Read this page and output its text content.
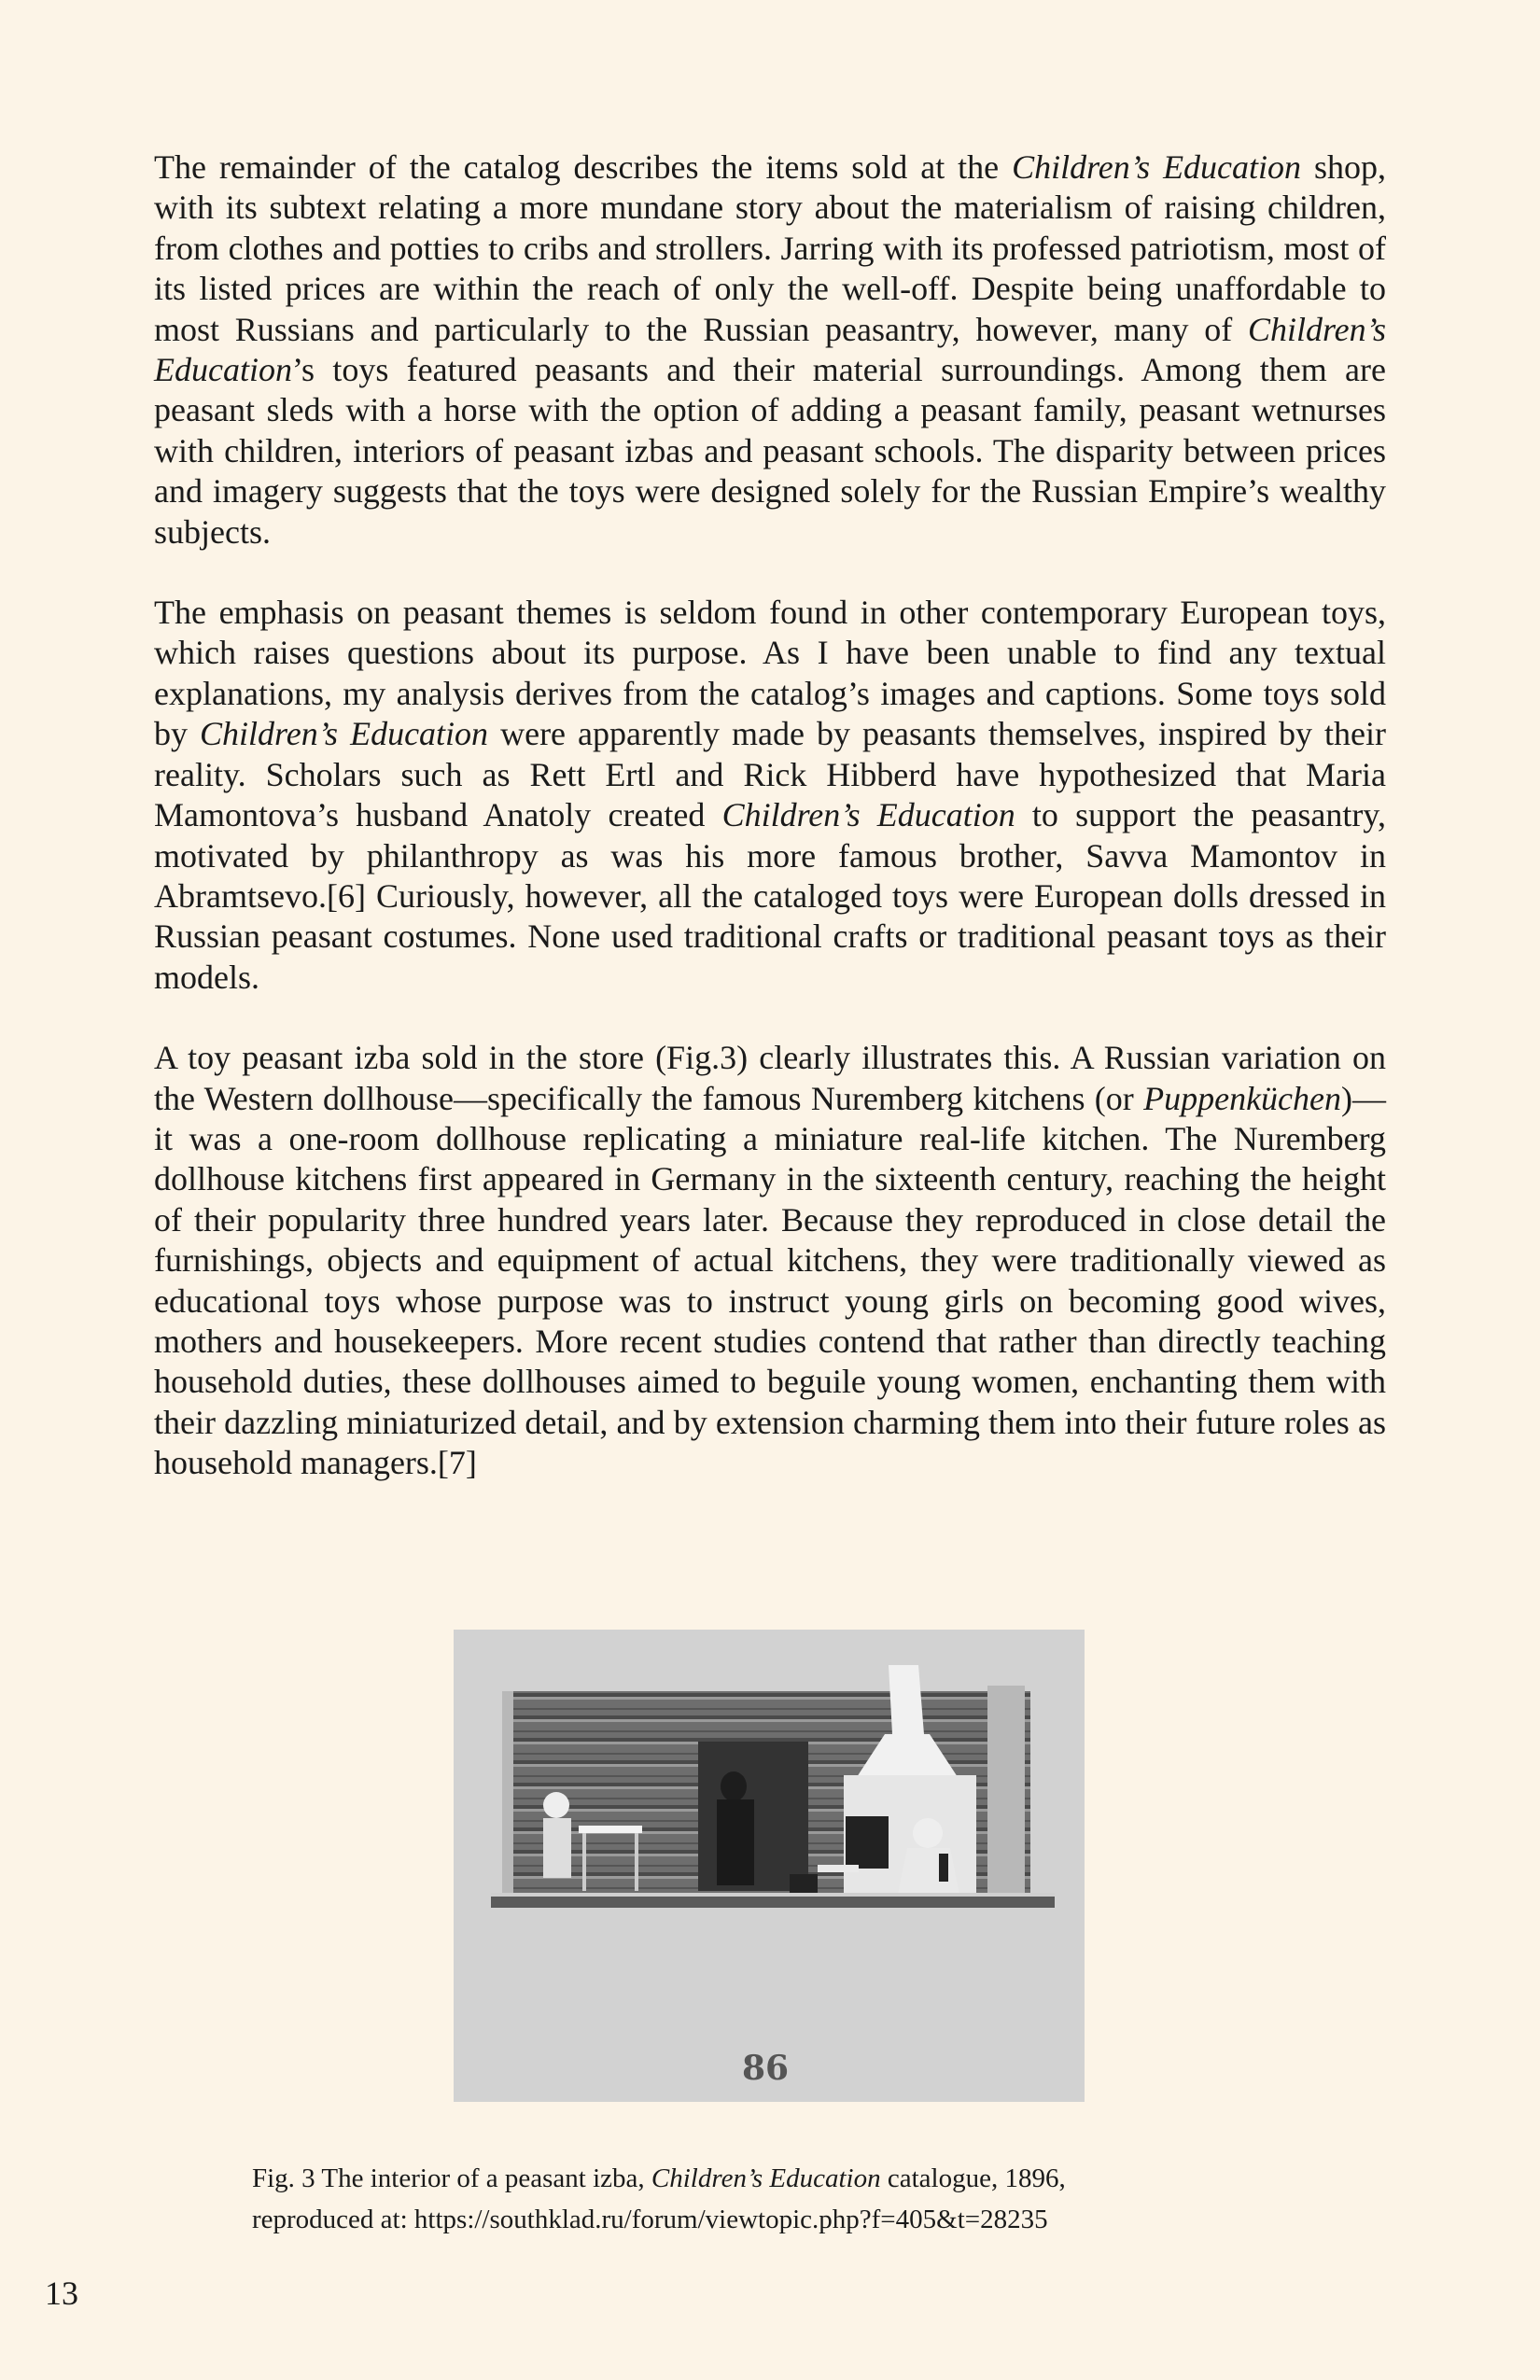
The remainder of the catalog describes the items sold at the Children’s Education shop, with its subtext relating a more mundane story about the materialism of raising children, from clothes and potties to cribs and strollers. Jarring with its professed patriotism, most of its listed prices are within the reach of only the well-off. Despite being unaffordable to most Russians and particularly to the Russian peasantry, however, many of Children’s Education’s toys featured peasants and their material surroundings. Among them are peasant sleds with a horse with the option of adding a peasant family, peasant wetnurses with children, interiors of peasant izbas and peasant schools. The disparity between prices and imagery suggests that the toys were designed solely for the Russian Empire’s wealthy subjects.

The emphasis on peasant themes is seldom found in other contemporary European toys, which raises questions about its purpose. As I have been unable to find any textual explanations, my analysis derives from the catalog’s images and captions. Some toys sold by Children’s Education were apparently made by peasants themselves, inspired by their reality. Scholars such as Rett Ertl and Rick Hibberd have hypothesized that Maria Mamontova’s husband Anatoly created Children’s Education to support the peasantry, motivated by philanthropy as was his more famous brother, Savva Mamontov in Abramtsevo.[6] Curiously, however, all the cataloged toys were European dolls dressed in Russian peasant costumes. None used traditional crafts or traditional peasant toys as their models.

A toy peasant izba sold in the store (Fig.3) clearly illustrates this. A Russian variation on the Western dollhouse—specifically the famous Nuremberg kitchens (or Puppenküchen)—it was a one-room dollhouse replicating a miniature real-life kitchen. The Nuremberg dollhouse kitchens first appeared in Germany in the sixteenth century, reaching the height of their popularity three hundred years later. Because they reproduced in close detail the furnishings, objects and equipment of actual kitchens, they were traditionally viewed as educational toys whose purpose was to instruct young girls on becoming good wives, mothers and housekeepers. More recent studies contend that rather than directly teaching household duties, these dollhouses aimed to beguile young women, enchanting them with their dazzling miniaturized detail, and by extension charming them into their future roles as household managers.[7]

86
Fig. 3 The interior of a peasant izba, Children’s Education catalogue, 1896,
reproduced at: https://southklad.ru/forum/viewtopic.php?f=405&t=28235
13
